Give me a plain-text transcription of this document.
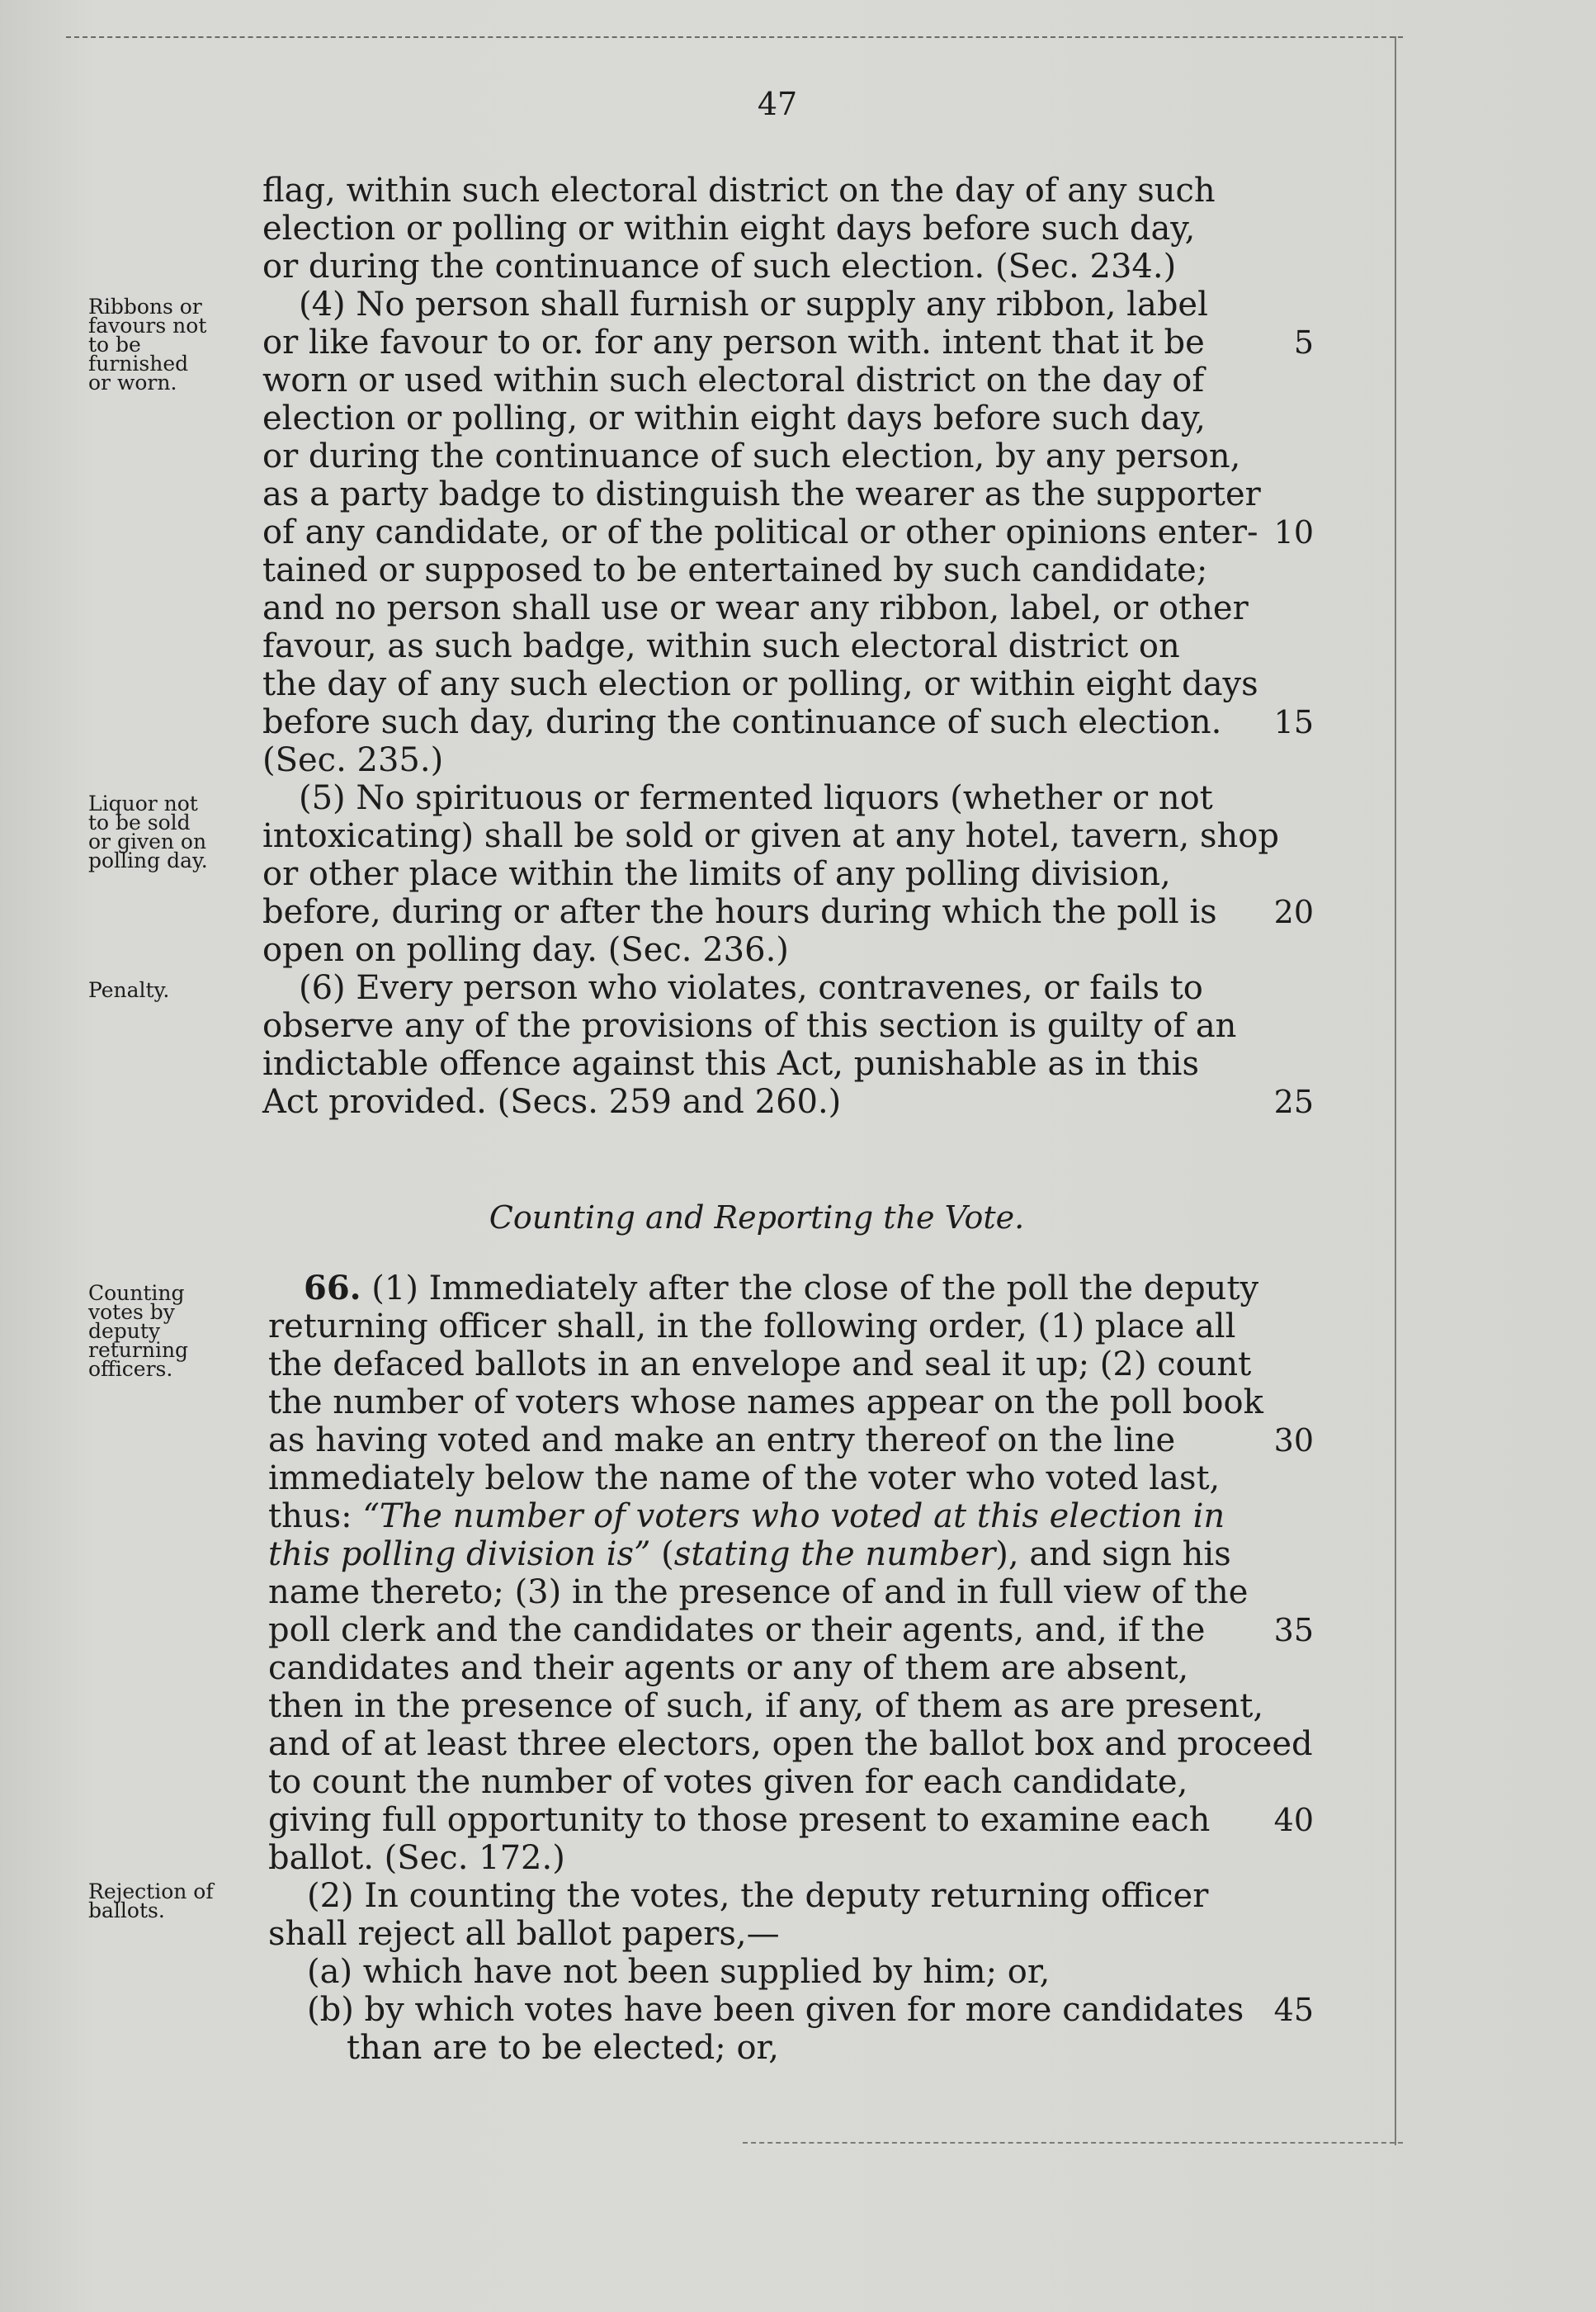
47
Ribbons or
favours not
to be
furnished
or worn.
Liquor not
to be sold
or given on
polling day.
Penalty.
Counting
votes by
deputy
returning
officers.
Rejection of
ballots.
flag, within such electoral district on the day of any such
election or polling or within eight days before such day,
or during the continuance of such election. (Sec. 234.)
(4) No person shall furnish or supply any ribbon, label
or like favour to or. for any person with. intent that it be
worn or used within such electoral district on the day of
election or polling, or within eight days before such day,
or during the continuance of such election, by any person,
as a party badge to distinguish the wearer as the supporter
of any candidate, or of the political or other opinions enter-
tained or supposed to be entertained by such candidate;
and no person shall use or wear any ribbon, label, or other
favour, as such badge, within such electoral district on
the day of any such election or polling, or within eight days
before such day, during the continuance of such election.
(Sec. 235.)
(5) No spirituous or fermented liquors (whether or not
intoxicating) shall be sold or given at any hotel, tavern, shop
or other place within the limits of any polling division,
before, during or after the hours during which the poll is
open on polling day. (Sec. 236.)
(6) Every person who violates, contravenes, or fails to
observe any of the provisions of this section is guilty of an
indictable offence against this Act, punishable as in this
Act provided. (Secs. 259 and 260.)
Counting and Reporting the Vote.
66. (1) Immediately after the close of the poll the deputy
returning officer shall, in the following order, (1) place all
the defaced ballots in an envelope and seal it up; (2) count
the number of voters whose names appear on the poll book
as having voted and make an entry thereof on the line
immediately below the name of the voter who voted last,
thus: “The number of voters who voted at this election in
this polling division is” (stating the number), and sign his
name thereto; (3) in the presence of and in full view of the
poll clerk and the candidates or their agents, and, if the
candidates and their agents or any of them are absent,
then in the presence of such, if any, of them as are present,
and of at least three electors, open the ballot box and proceed
to count the number of votes given for each candidate,
giving full opportunity to those present to examine each
ballot. (Sec. 172.)
(2) In counting the votes, the deputy returning officer
shall reject all ballot papers,—
(a) which have not been supplied by him; or,
(b) by which votes have been given for more candidates
than are to be elected; or,
5
10
15
20
25
30
35
40
45
